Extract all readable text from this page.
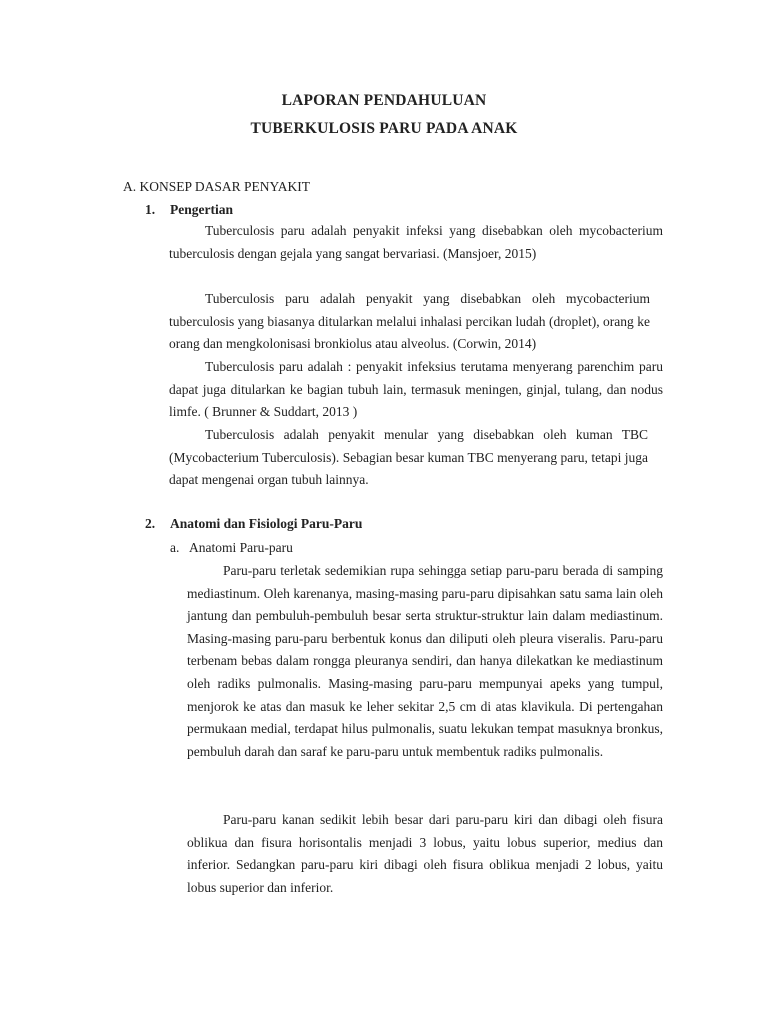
LAPORAN PENDAHULUAN
TUBERKULOSIS PARU PADA ANAK
A. KONSEP DASAR PENYAKIT
1. Pengertian

Tuberculosis paru adalah penyakit infeksi yang disebabkan oleh mycobacterium tuberculosis dengan gejala yang sangat bervariasi. (Mansjoer, 2015)

Tuberculosis paru adalah penyakit yang disebabkan oleh mycobacterium tuberculosis yang biasanya ditularkan melalui inhalasi percikan ludah (droplet), orang ke orang dan mengkolonisasi bronkiolus atau alveolus. (Corwin, 2014)

Tuberculosis paru adalah : penyakit infeksius terutama menyerang parenchim paru dapat juga ditularkan ke bagian tubuh lain, termasuk meningen, ginjal, tulang, dan nodus limfe. ( Brunner & Suddart, 2013 )

Tuberculosis adalah penyakit menular yang disebabkan oleh kuman TBC (Mycobacterium Tuberculosis). Sebagian besar kuman TBC menyerang paru, tetapi juga dapat mengenai organ tubuh lainnya.

2. Anatomi dan Fisiologi Paru-Paru
a. Anatomi Paru-paru

Paru-paru terletak sedemikian rupa sehingga setiap paru-paru berada di samping mediastinum. Oleh karenanya, masing-masing paru-paru dipisahkan satu sama lain oleh jantung dan pembuluh-pembuluh besar serta struktur-struktur lain dalam mediastinum. Masing-masing paru-paru berbentuk konus dan diliputi oleh pleura viseralis. Paru-paru terbenam bebas dalam rongga pleuranya sendiri, dan hanya dilekatkan ke mediastinum oleh radiks pulmonalis. Masing-masing paru-paru mempunyai apeks yang tumpul, menjorok ke atas dan masuk ke leher sekitar 2,5 cm di atas klavikula. Di pertengahan permukaan medial, terdapat hilus pulmonalis, suatu lekukan tempat masuknya bronkus, pembuluh darah dan saraf ke paru-paru untuk membentuk radiks pulmonalis.

Paru-paru kanan sedikit lebih besar dari paru-paru kiri dan dibagi oleh fisura oblikua dan fisura horisontalis menjadi 3 lobus, yaitu lobus superior, medius dan inferior. Sedangkan paru-paru kiri dibagi oleh fisura oblikua menjadi 2 lobus, yaitu lobus superior dan inferior.
